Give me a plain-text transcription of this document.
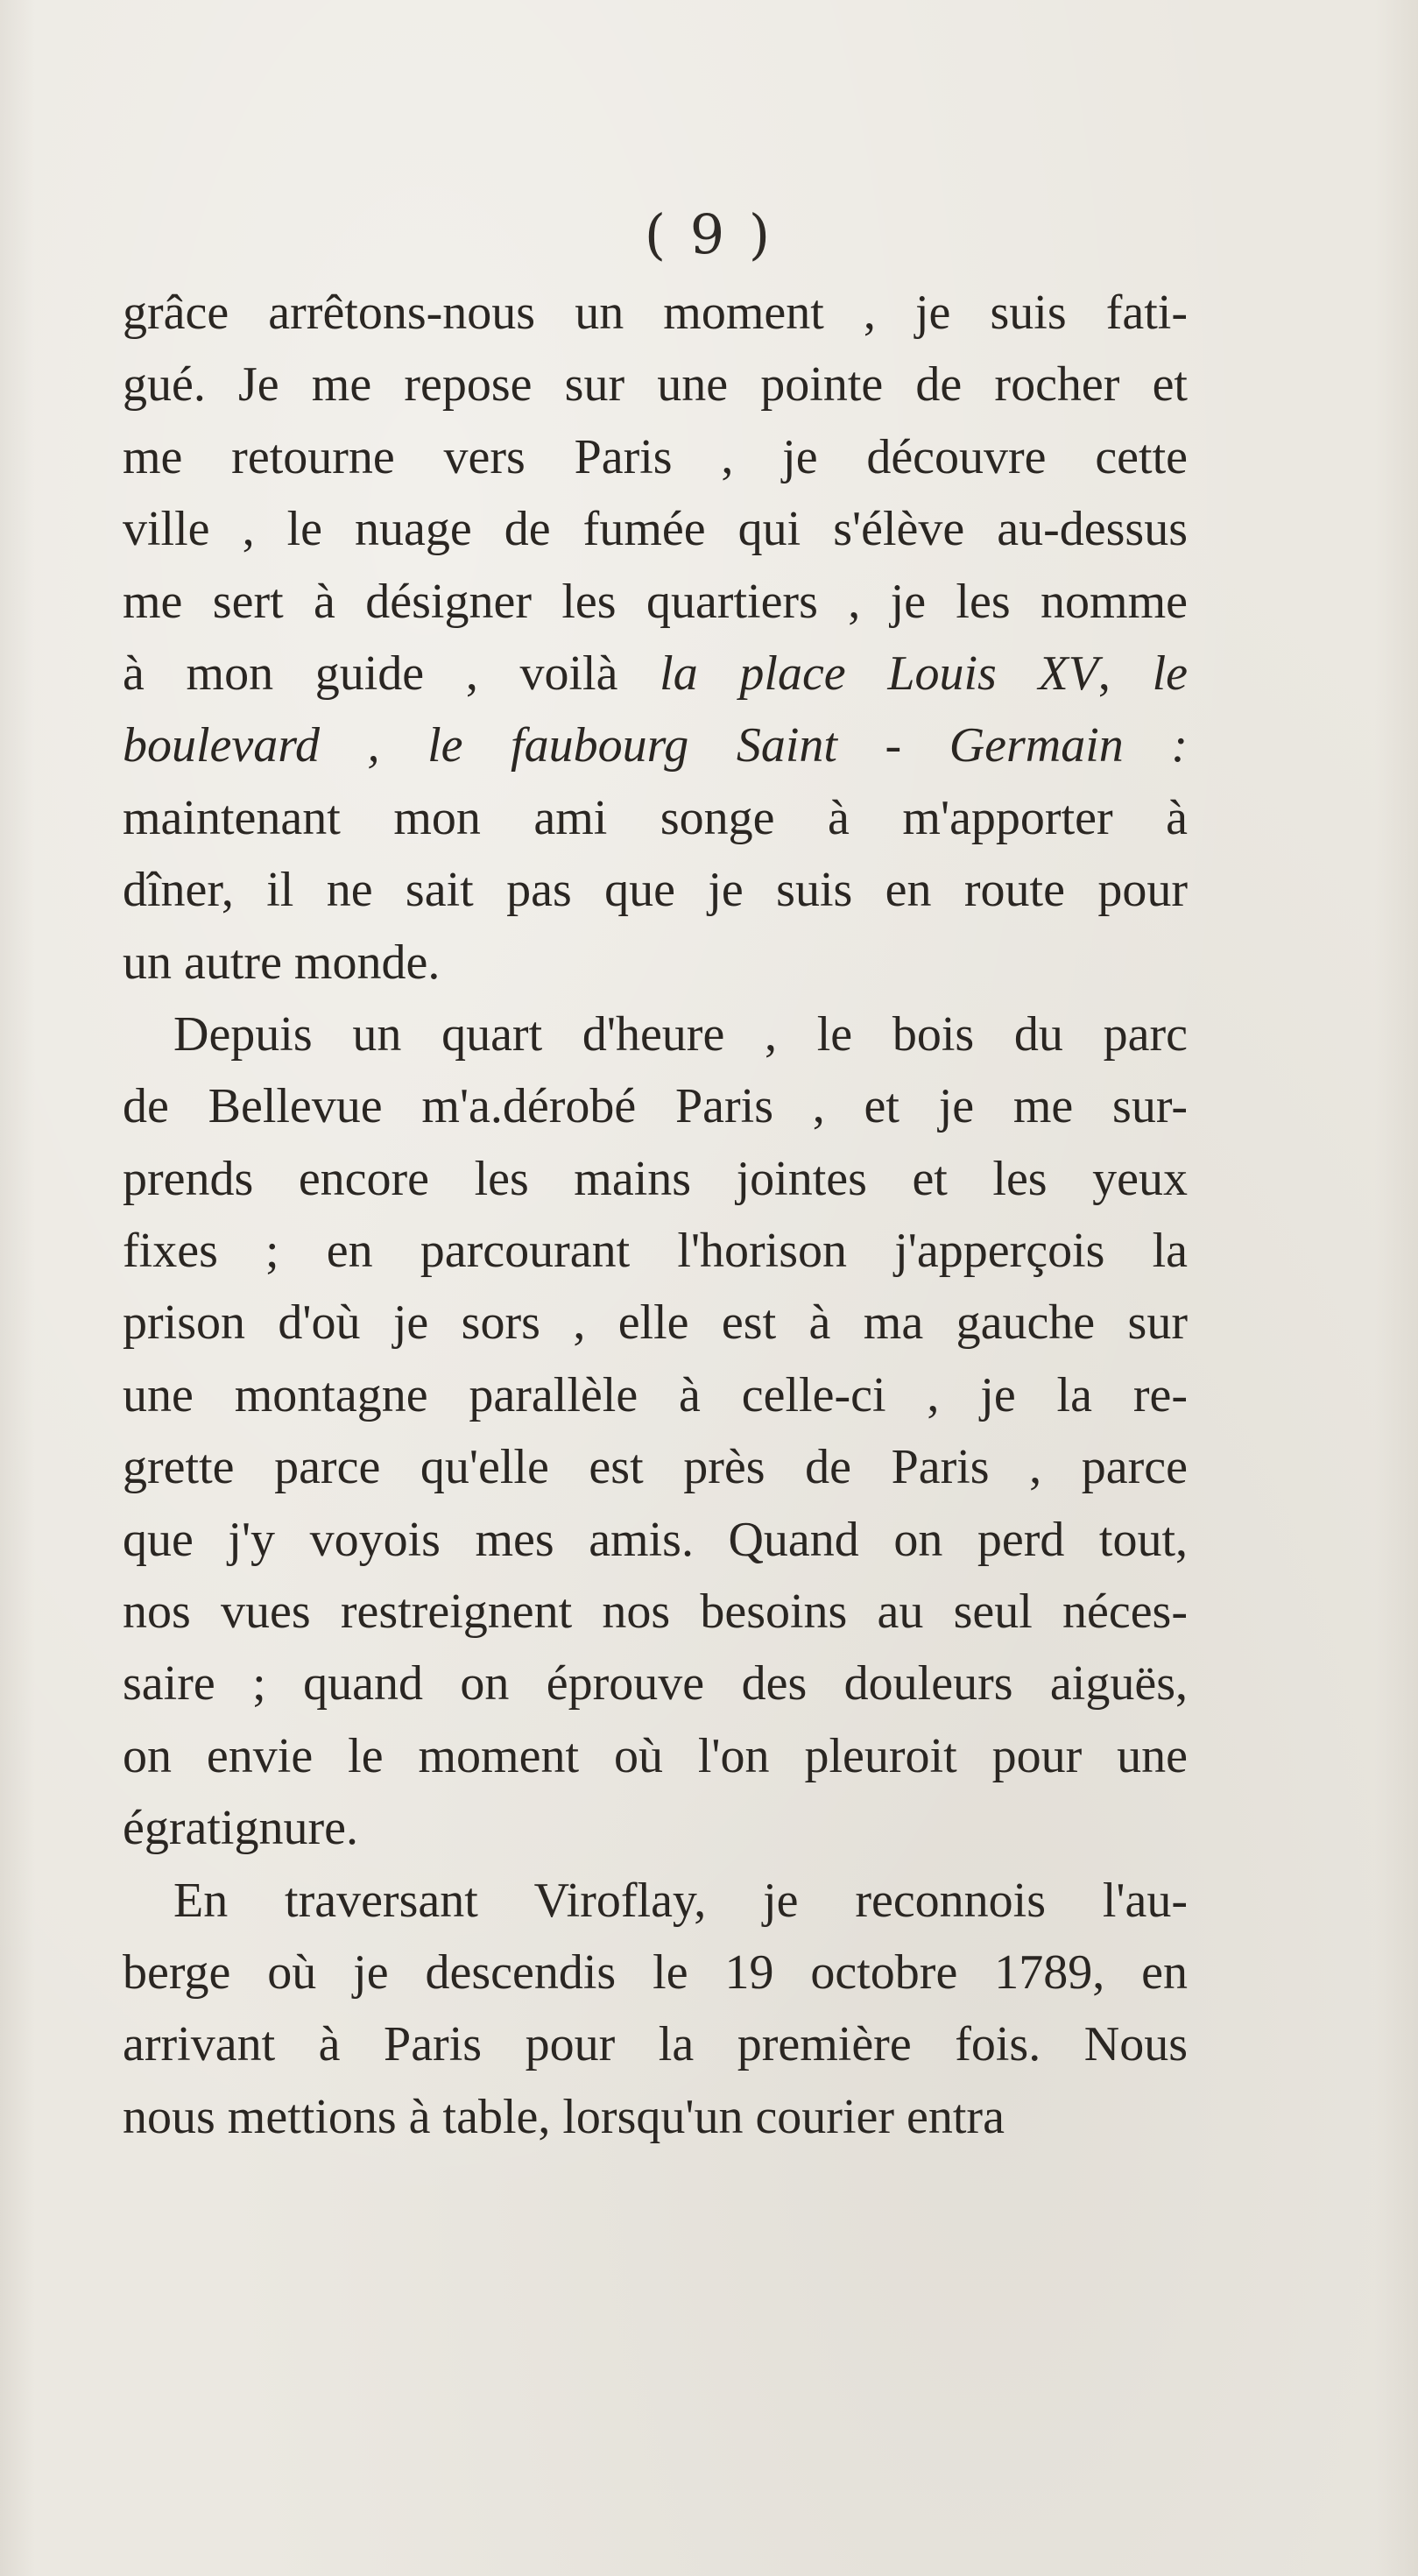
( 9 )
grâce arrêtons-nous un moment , je suis fati-
gué. Je me repose sur une pointe de rocher et
me retourne vers Paris , je découvre cette
ville , le nuage de fumée qui s'élève au-dessus
me sert à désigner les quartiers , je les nomme
à mon guide , voilà la place Louis XV, le
boulevard , le faubourg Saint - Germain :
maintenant mon ami songe à m'apporter à
dîner, il ne sait pas que je suis en route pour
un autre monde.
Depuis un quart d'heure , le bois du parc
de Bellevue m'a.dérobé Paris , et je me sur-
prends encore les mains jointes et les yeux
fixes ; en parcourant l'horison j'apperçois la
prison d'où je sors , elle est à ma gauche sur
une montagne parallèle à celle-ci , je la re-
grette parce qu'elle est près de Paris , parce
que j'y voyois mes amis. Quand on perd tout,
nos vues restreignent nos besoins au seul néces-
saire ; quand on éprouve des douleurs aiguës,
on envie le moment où l'on pleuroit pour une
égratignure.
En traversant Viroflay, je reconnois l'au-
berge où je descendis le 19 octobre 1789, en
arrivant à Paris pour la première fois. Nous
nous mettions à table, lorsqu'un courier entra
